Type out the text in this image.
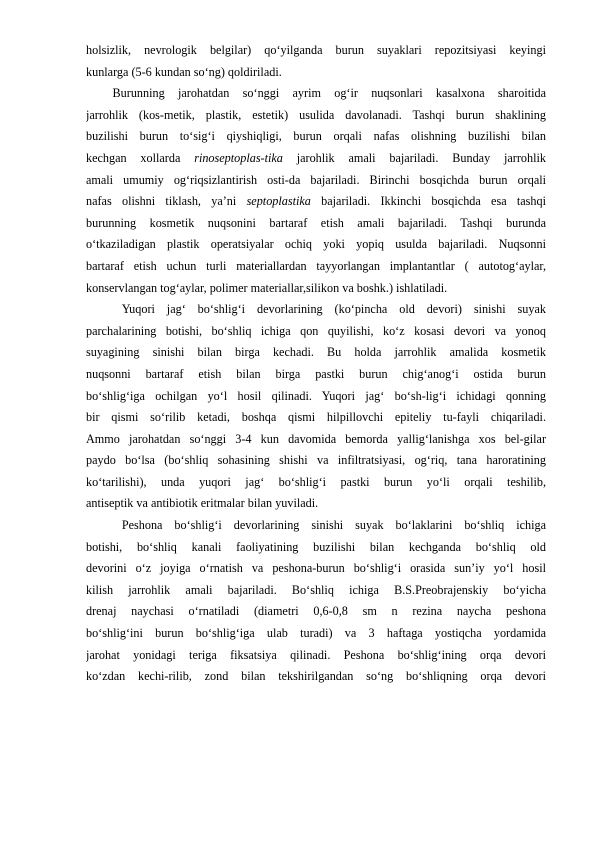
holsizlik, nevrologik belgilar) qo‘yilganda burun suyaklari repozitsiyasi keyingi
kunlarga (5-6 kundan so‘ng) qoldiriladi.
Burunning jarohatdan so‘nggi ayrim og‘ir nuqsonlari kasalxona sharoitida
jarrohlik (kos-metik, plastik, estetik) usulida davolanadi. Tashqi burun shaklining
buzilishi burun to‘sig‘i qiyshiqligi, burun orqali nafas olishning buzilishi bilan
kechgan xollarda rinoseptoplas-tika jarohlik amali bajariladi. Bunday jarrohlik
amali umumiy og‘riqsizlantirish osti-da bajariladi. Birinchi bosqichda burun orqali
nafas olishni tiklash, ya’ni septoplastika bajariladi. Ikkinchi bosqichda esa tashqi
burunning kosmetik nuqsonini bartaraf etish amali bajariladi. Tashqi burunda
o‘tkaziladigan plastik operatsiyalar ochiq yoki yopiq usulda bajariladi. Nuqsonni
bartaraf etish uchun turli materiallardan tayyorlangan implantantlar ( autotog‘aylar,
konservlangan tog‘aylar, polimer materiallar,silikon va boshk.) ishlatiladi.
Yuqori jag‘ bo‘shlig‘i devorlarining (ko‘pincha old devori) sinishi suyak
parchalarining botishi, bo‘shliq ichiga qon quyilishi, ko‘z kosasi devori va yonoq
suyagining sinishi bilan birga kechadi. Bu holda jarrohlik amalida kosmetik
nuqsonni bartaraf etish bilan birga pastki burun chig‘anog‘i ostida burun
bo‘shlig‘iga ochilgan yo‘l hosil qilinadi. Yuqori jag‘ bo‘sh-lig‘i ichidagi qonning
bir qismi so‘rilib ketadi, boshqa qismi hilpillovchi epiteliy tu-fayli chiqariladi.
Ammo jarohatdan so‘nggi 3-4 kun davomida bemorda yallig‘lanishga xos bel-gilar
paydo bo‘lsa (bo‘shliq sohasining shishi va infiltratsiyasi, og‘riq, tana haroratining
ko‘tarilishi), unda yuqori jag‘ bo‘shlig‘i pastki burun yo‘li orqali teshilib,
antiseptik va antibiotik eritmalar bilan yuviladi.
Peshona bo‘shlig‘i devorlarining sinishi suyak bo‘laklarini bo‘shliq ichiga
botishi, bo‘shliq kanali faoliyatining buzilishi bilan kechganda bo‘shliq old
devorini o‘z joyiga o‘rnatish va peshona-burun bo‘shlig‘i orasida sun’iy yo‘l hosil
kilish jarrohlik amali bajariladi. Bo‘shliq ichiga B.S.Preobrajenskiy bo‘yicha
drenaj naychasi o‘rnatiladi (diametri 0,6-0,8 sm n rezina naycha peshona
bo‘shlig‘ini burun bo‘shlig‘iga ulab turadi) va 3 haftaga yostiqcha yordamida
jarohat yonidagi teriga fiksatsiya qilinadi. Peshona bo‘shlig‘ining orqa devori
ko‘zdan kechi-rilib, zond bilan tekshirilgandan so‘ng bo‘shliqning orqa devori
